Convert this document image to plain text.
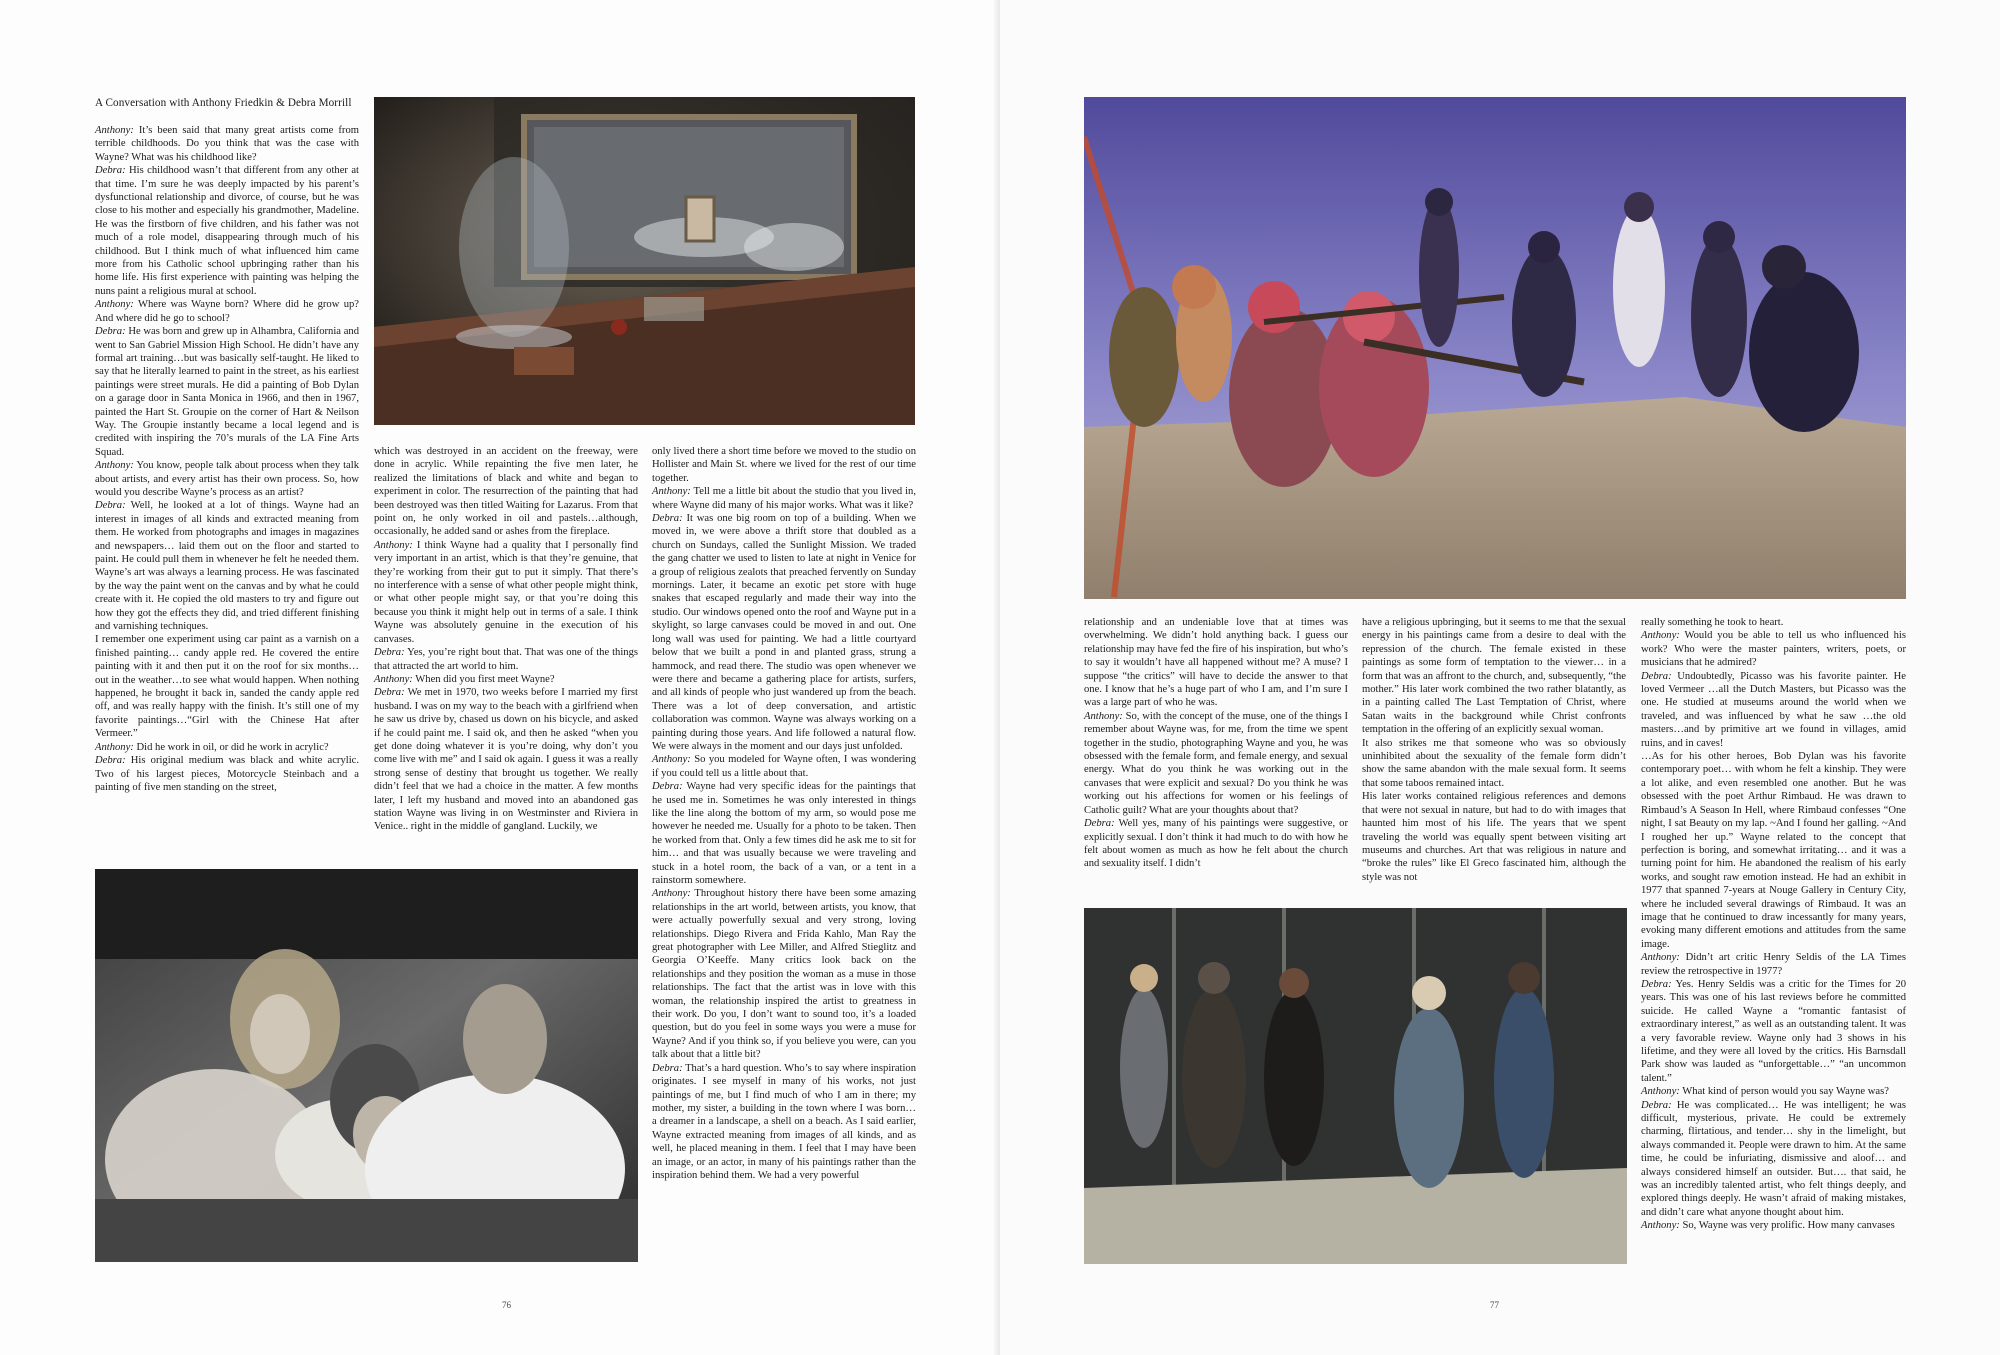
A Conversation with Anthony Friedkin & Debra Morrill

Anthony: It’s been said that many great artists come from terrible childhoods. Do you think that was the case with Wayne? What was his childhood like?

Debra: His childhood wasn’t that different from any other at that time. I’m sure he was deeply impacted by his parent’s dysfunctional relationship and divorce, of course, but he was close to his mother and especially his grandmother, Madeline. He was the firstborn of five children, and his father was not much of a role model, disappearing through much of his childhood. But I think much of what influenced him came more from his Catholic school upbringing rather than his home life. His first experience with painting was helping the nuns paint a religious mural at school.

Anthony: Where was Wayne born? Where did he grow up? And where did he go to school?

Debra: He was born and grew up in Alhambra, California and went to San Gabriel Mission High School. He didn’t have any formal art training…but was basically self-taught. He liked to say that he literally learned to paint in the street, as his earliest paintings were street murals. He did a painting of Bob Dylan on a garage door in Santa Monica in 1966, and then in 1967, painted the Hart St. Groupie on the corner of Hart & Neilson Way. The Groupie instantly became a local legend and is credited with inspiring the 70’s murals of the LA Fine Arts Squad.

Anthony: You know, people talk about process when they talk about artists, and every artist has their own process. So, how would you describe Wayne’s process as an artist?

Debra: Well, he looked at a lot of things. Wayne had an interest in images of all kinds and extracted meaning from them. He worked from photographs and images in magazines and newspapers… laid them out on the floor and started to paint. He could pull them in whenever he felt he needed them. Wayne’s art was always a learning process. He was fascinated by the way the paint went on the canvas and by what he could create with it. He copied the old masters to try and figure out how they got the effects they did, and tried different finishing and varnishing techniques.

I remember one experiment using car paint as a varnish on a finished painting… candy apple red. He covered the entire painting with it and then put it on the roof for six months… out in the weather…to see what would happen. When nothing happened, he brought it back in, sanded the candy apple red off, and was really happy with the finish. It’s still one of my favorite paintings…“Girl with the Chinese Hat after Vermeer.”

Anthony: Did he work in oil, or did he work in acrylic?

Debra: His original medium was black and white acrylic. Two of his largest pieces, Motorcycle Steinbach and a painting of five men standing on the street,

which was destroyed in an accident on the freeway, were done in acrylic. While repainting the five men later, he realized the limitations of black and white and began to experiment in color. The resurrection of the painting that had been destroyed was then titled Waiting for Lazarus. From that point on, he only worked in oil and pastels…although, occasionally, he added sand or ashes from the fireplace.

Anthony: I think Wayne had a quality that I personally find very important in an artist, which is that they’re genuine, that they’re working from their gut to put it simply. That there’s no interference with a sense of what other people might think, or what other people might say, or that you’re doing this because you think it might help out in terms of a sale. I think Wayne was absolutely genuine in the execution of his canvases.

Debra: Yes, you’re right bout that. That was one of the things that attracted the art world to him.

Anthony: When did you first meet Wayne?

Debra: We met in 1970, two weeks before I married my first husband. I was on my way to the beach with a girlfriend when he saw us drive by, chased us down on his bicycle, and asked if he could paint me. I said ok, and then he asked “when you get done doing whatever it is you’re doing, why don’t you come live with me” and I said ok again. I guess it was a really strong sense of destiny that brought us together. We really didn’t feel that we had a choice in the matter. A few months later, I left my husband and moved into an abandoned gas station Wayne was living in on Westminster and Riviera in Venice.. right in the middle of gangland. Luckily, we

only lived there a short time before we moved to the studio on Hollister and Main St. where we lived for the rest of our time together.

Anthony: Tell me a little bit about the studio that you lived in, where Wayne did many of his major works. What was it like?

Debra: It was one big room on top of a building. When we moved in, we were above a thrift store that doubled as a church on Sundays, called the Sunlight Mission. We traded the gang chatter we used to listen to late at night in Venice for a group of religious zealots that preached fervently on Sunday mornings. Later, it became an exotic pet store with huge snakes that escaped regularly and made their way into the studio. Our windows opened onto the roof and Wayne put in a skylight, so large canvases could be moved in and out. One long wall was used for painting. We had a little courtyard below that we built a pond in and planted grass, strung a hammock, and read there. The studio was open whenever we were there and became a gathering place for artists, surfers, and all kinds of people who just wandered up from the beach. There was a lot of deep conversation, and artistic collaboration was common. Wayne was always working on a painting during those years. And life followed a natural flow. We were always in the moment and our days just unfolded.

Anthony: So you modeled for Wayne often, I was wondering if you could tell us a little about that.

Debra: Wayne had very specific ideas for the paintings that he used me in. Sometimes he was only interested in things like the line along the bottom of my arm, so would pose me however he needed me. Usually for a photo to be taken. Then he worked from that. Only a few times did he ask me to sit for him… and that was usually because we were traveling and stuck in a hotel room, the back of a van, or a tent in a rainstorm somewhere.

Anthony: Throughout history there have been some amazing relationships in the art world, between artists, you know, that were actually powerfully sexual and very strong, loving relationships. Diego Rivera and Frida Kahlo, Man Ray the great photographer with Lee Miller, and Alfred Stieglitz and Georgia O’Keeffe. Many critics look back on the relationships and they position the woman as a muse in those relationships. The fact that the artist was in love with this woman, the relationship inspired the artist to greatness in their work. Do you, I don’t want to sound too, it’s a loaded question, but do you feel in some ways you were a muse for Wayne? And if you think so, if you believe you were, can you talk about that a little bit?

Debra: That’s a hard question. Who’s to say where inspiration originates. I see myself in many of his works, not just paintings of me, but I find much of who I am in there; my mother, my sister, a building in the town where I was born… a dreamer in a landscape, a shell on a beach. As I said earlier, Wayne extracted meaning from images of all kinds, and as well, he placed meaning in them. I feel that I may have been an image, or an actor, in many of his paintings rather than the inspiration behind them. We had a very powerful

76

relationship and an undeniable love that at times was overwhelming. We didn’t hold anything back. I guess our relationship may have fed the fire of his inspiration, but who’s to say it wouldn’t have all happened without me? A muse? I suppose “the critics” will have to decide the answer to that one. I know that he’s a huge part of who I am, and I’m sure I was a large part of who he was.

Anthony: So, with the concept of the muse, one of the things I remember about Wayne was, for me, from the time we spent together in the studio, photographing Wayne and you, he was obsessed with the female form, and female energy, and sexual energy. What do you think he was working out in the canvases that were explicit and sexual? Do you think he was working out his affections for women or his feelings of Catholic guilt? What are your thoughts about that?

Debra: Well yes, many of his paintings were suggestive, or explicitly sexual. I don’t think it had much to do with how he felt about women as much as how he felt about the church and sexuality itself. I didn’t

have a religious upbringing, but it seems to me that the sexual energy in his paintings came from a desire to deal with the repression of the church. The female existed in these paintings as some form of temptation to the viewer… in a form that was an affront to the church, and, subsequently, “the mother.” His later work combined the two rather blatantly, as in a painting called The Last Temptation of Christ, where Satan waits in the background while Christ confronts temptation in the offering of an explicitly sexual woman.

It also strikes me that someone who was so obviously uninhibited about the sexuality of the female form didn’t show the same abandon with the male sexual form. It seems that some taboos remained intact.

His later works contained religious references and demons that were not sexual in nature, but had to do with images that haunted him most of his life. The years that we spent traveling the world was equally spent between visiting art museums and churches. Art that was religious in nature and “broke the rules” like El Greco fascinated him, although the style was not

really something he took to heart.

Anthony: Would you be able to tell us who influenced his work? Who were the master painters, writers, poets, or musicians that he admired?

Debra: Undoubtedly, Picasso was his favorite painter. He loved Vermeer …all the Dutch Masters, but Picasso was the one. He studied at museums around the world when we traveled, and was influenced by what he saw …the old masters…and by primitive art we found in villages, amid ruins, and in caves!

…As for his other heroes, Bob Dylan was his favorite contemporary poet… with whom he felt a kinship. They were a lot alike, and even resembled one another. But he was obsessed with the poet Arthur Rimbaud. He was drawn to Rimbaud’s A Season In Hell, where Rimbaud confesses “One night, I sat Beauty on my lap. ~And I found her galling. ~And I roughed her up.” Wayne related to the concept that perfection is boring, and somewhat irritating… and it was a turning point for him. He abandoned the realism of his early works, and sought raw emotion instead. He had an exhibit in 1977 that spanned 7-years at Nouge Gallery in Century City, where he included several drawings of Rimbaud. It was an image that he continued to draw incessantly for many years, evoking many different emotions and attitudes from the same image.

Anthony: Didn’t art critic Henry Seldis of the LA Times review the retrospective in 1977?

Debra: Yes. Henry Seldis was a critic for the Times for 20 years. This was one of his last reviews before he committed suicide. He called Wayne a “romantic fantasist of extraordinary interest,” as well as an outstanding talent. It was a very favorable review. Wayne only had 3 shows in his lifetime, and they were all loved by the critics. His Barnsdall Park show was lauded as “unforgettable…” “an uncommon talent.”

Anthony: What kind of person would you say Wayne was?

Debra: He was complicated… He was intelligent; he was difficult, mysterious, private. He could be extremely charming, flirtatious, and tender… shy in the limelight, but always commanded it. People were drawn to him. At the same time, he could be infuriating, dismissive and aloof… and always considered himself an outsider. But…. that said, he was an incredibly talented artist, who felt things deeply, and explored things deeply. He wasn’t afraid of making mistakes, and didn’t care what anyone thought about him.

Anthony: So, Wayne was very prolific. How many canvases

77
